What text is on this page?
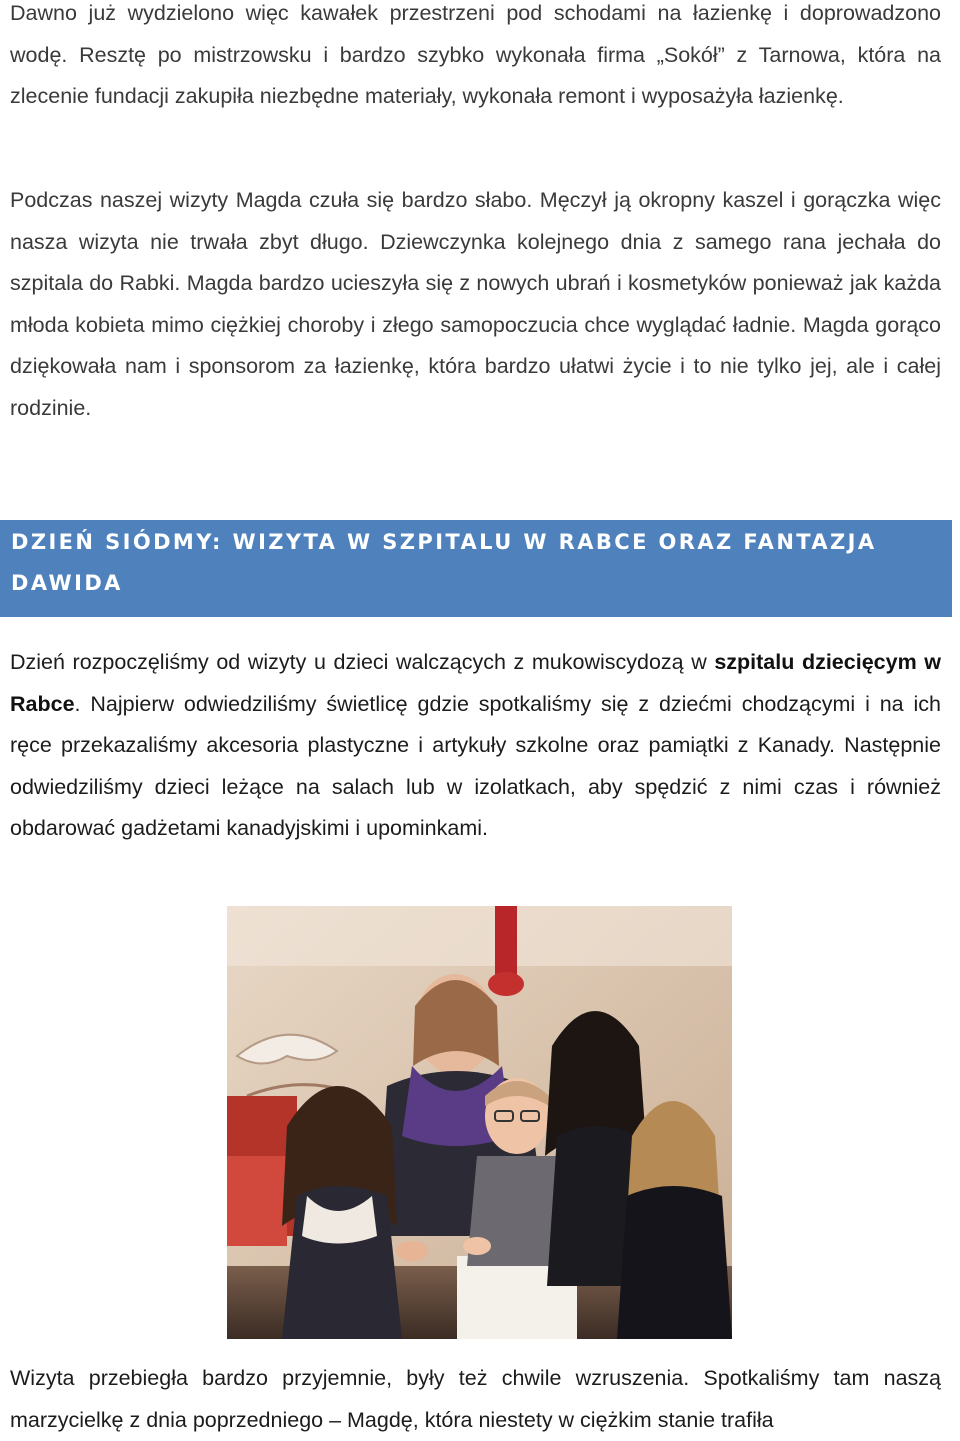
Dawno już wydzielono więc kawałek przestrzeni pod schodami na łazienkę i doprowadzono wodę. Resztę po mistrzowsku i bardzo szybko wykonała firma „Sokół” z Tarnowa, która na zlecenie fundacji zakupiła niezbędne materiały, wykonała remont i wyposażyła łazienkę.

Podczas naszej wizyty Magda czuła się bardzo słabo. Męczył ją okropny kaszel i gorączka więc nasza wizyta nie trwała zbyt długo. Dziewczynka kolejnego dnia z samego rana jechała do szpitala do Rabki. Magda bardzo ucieszyła się z nowych ubrań i kosmetyków ponieważ jak każda młoda kobieta mimo ciężkiej choroby i złego samopoczucia chce wyglądać ładnie. Magda gorąco dziękowała nam i sponsorom za łazienkę, która bardzo ułatwi życie i to nie tylko jej, ale i całej rodzinie.

DZIEŃ SIÓDMY: WIZYTA W SZPITALU W RABCE ORAZ FANTAZJA DAWIDA

Dzień rozpoczęliśmy od wizyty u dzieci walczących z mukowiscydozą w szpitalu dziecięcym w Rabce. Najpierw odwiedziliśmy świetlicę gdzie spotkaliśmy się z dziećmi chodzącymi i na ich ręce przekazaliśmy akcesoria plastyczne i artykuły szkolne oraz pamiątki z Kanady. Następnie odwiedziliśmy dzieci leżące na salach lub w izolatkach, aby spędzić z nimi czas i również obdarować gadżetami kanadyjskimi i upominkami.

Wizyta przebiegła bardzo przyjemnie, były też chwile wzruszenia. Spotkaliśmy tam naszą marzycielkę z dnia poprzedniego – Magdę, która niestety w ciężkim stanie trafiła
